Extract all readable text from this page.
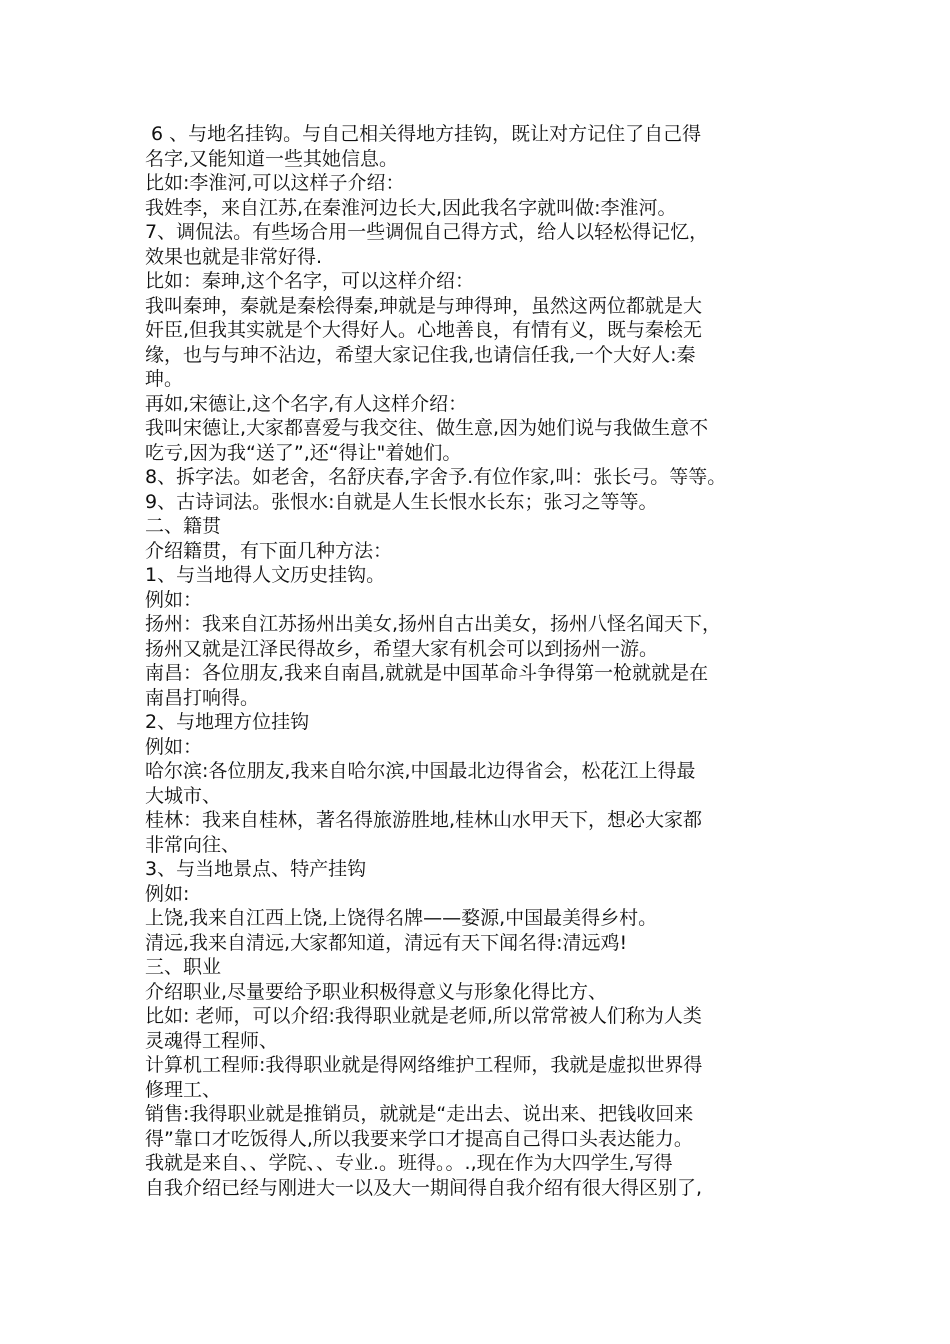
6 、与地名挂钩。与自己相关得地方挂钩，既让对方记住了自己得
名字,又能知道一些其她信息。
比如:李淮河,可以这样子介绍：
我姓李，来自江苏,在秦淮河边长大,因此我名字就叫做:李淮河。
7、调侃法。有些场合用一些调侃自己得方式，给人以轻松得记忆，
效果也就是非常好得.
比如：秦珅,这个名字，可以这样介绍：
我叫秦珅，秦就是秦桧得秦,珅就是与珅得珅，虽然这两位都就是大
奸臣,但我其实就是个大得好人。心地善良，有情有义，既与秦桧无
缘，也与与珅不沾边，希望大家记住我,也请信任我,一个大好人:秦
珅。
再如,宋德让,这个名字,有人这样介绍：
我叫宋德让,大家都喜爱与我交往、做生意,因为她们说与我做生意不
吃亏,因为我“送了”,还“得让"着她们。
8、拆字法。如老舍，名舒庆春,字舍予.有位作家,叫：张长弓。等等。
9、古诗词法。张恨水:自就是人生长恨水长东；张习之等等。
二、籍贯
介绍籍贯，有下面几种方法：
1、与当地得人文历史挂钩。
例如：
扬州：我来自江苏扬州出美女,扬州自古出美女，扬州八怪名闻天下，
扬州又就是江泽民得故乡，希望大家有机会可以到扬州一游。
南昌：各位朋友,我来自南昌,就就是中国革命斗争得第一枪就就是在
南昌打响得。
2、与地理方位挂钩
例如：
哈尔滨:各位朋友,我来自哈尔滨,中国最北边得省会，松花江上得最
大城市、
桂林：我来自桂林，著名得旅游胜地,桂林山水甲天下，想必大家都
非常向往、
3、与当地景点、特产挂钩
例如:
上饶,我来自江西上饶,上饶得名牌——婺源,中国最美得乡村。
清远,我来自清远,大家都知道，清远有天下闻名得:清远鸡!
三、职业
介绍职业,尽量要给予职业积极得意义与形象化得比方、
比如: 老师，可以介绍:我得职业就是老师,所以常常被人们称为人类
灵魂得工程师、
计算机工程师:我得职业就是得网络维护工程师，我就是虚拟世界得
修理工、
销售:我得职业就是推销员，就就是“走出去、说出来、把钱收回来
得”靠口才吃饭得人,所以我要来学口才提高自己得口头表达能力。
我就是来自、、学院、、专业.。班得。。.,现在作为大四学生,写得
自我介绍已经与刚进大一以及大一期间得自我介绍有很大得区别了,
